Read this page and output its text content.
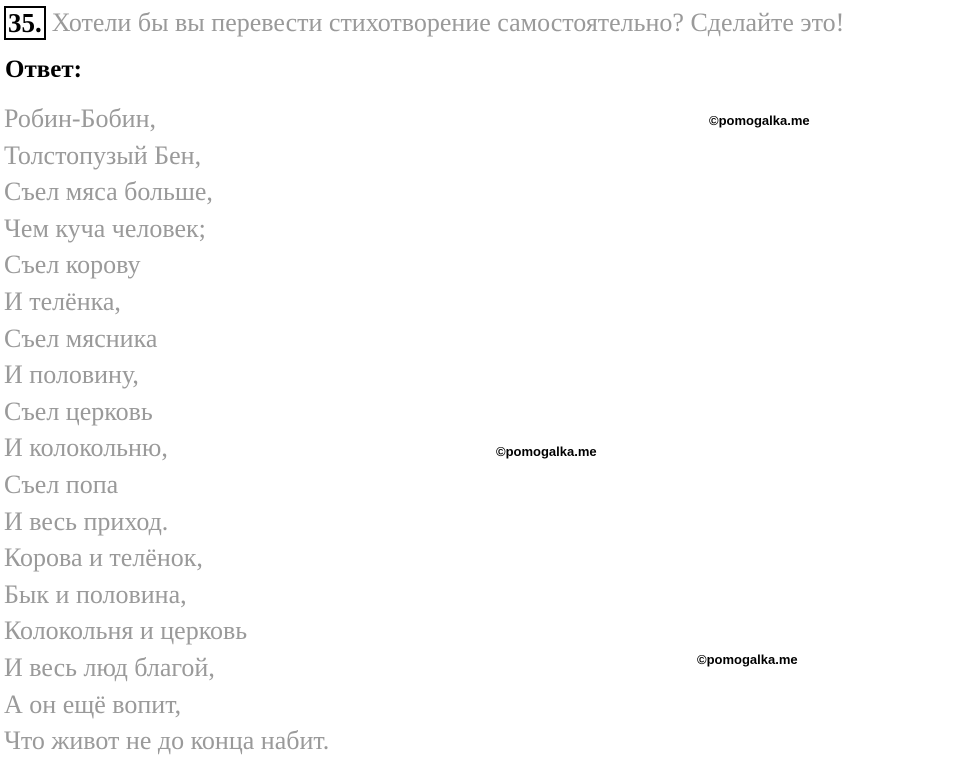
35. Хотели бы вы перевести стихотворение самостоятельно? Сделайте это!
Ответ:
Робин-Бобин,
Толстопузый Бен,
Съел мяса больше,
Чем куча человек;
Съел корову
И телёнка,
Съел мясника
И половину,
Съел церковь
И колокольню,
Съел попа
И весь приход.
Корова и телёнок,
Бык и половина,
Колокольня и церковь
И весь люд благой,
А он ещё вопит,
Что живот не до конца набит.
©pomogalka.me
©pomogalka.me
©pomogalka.me
